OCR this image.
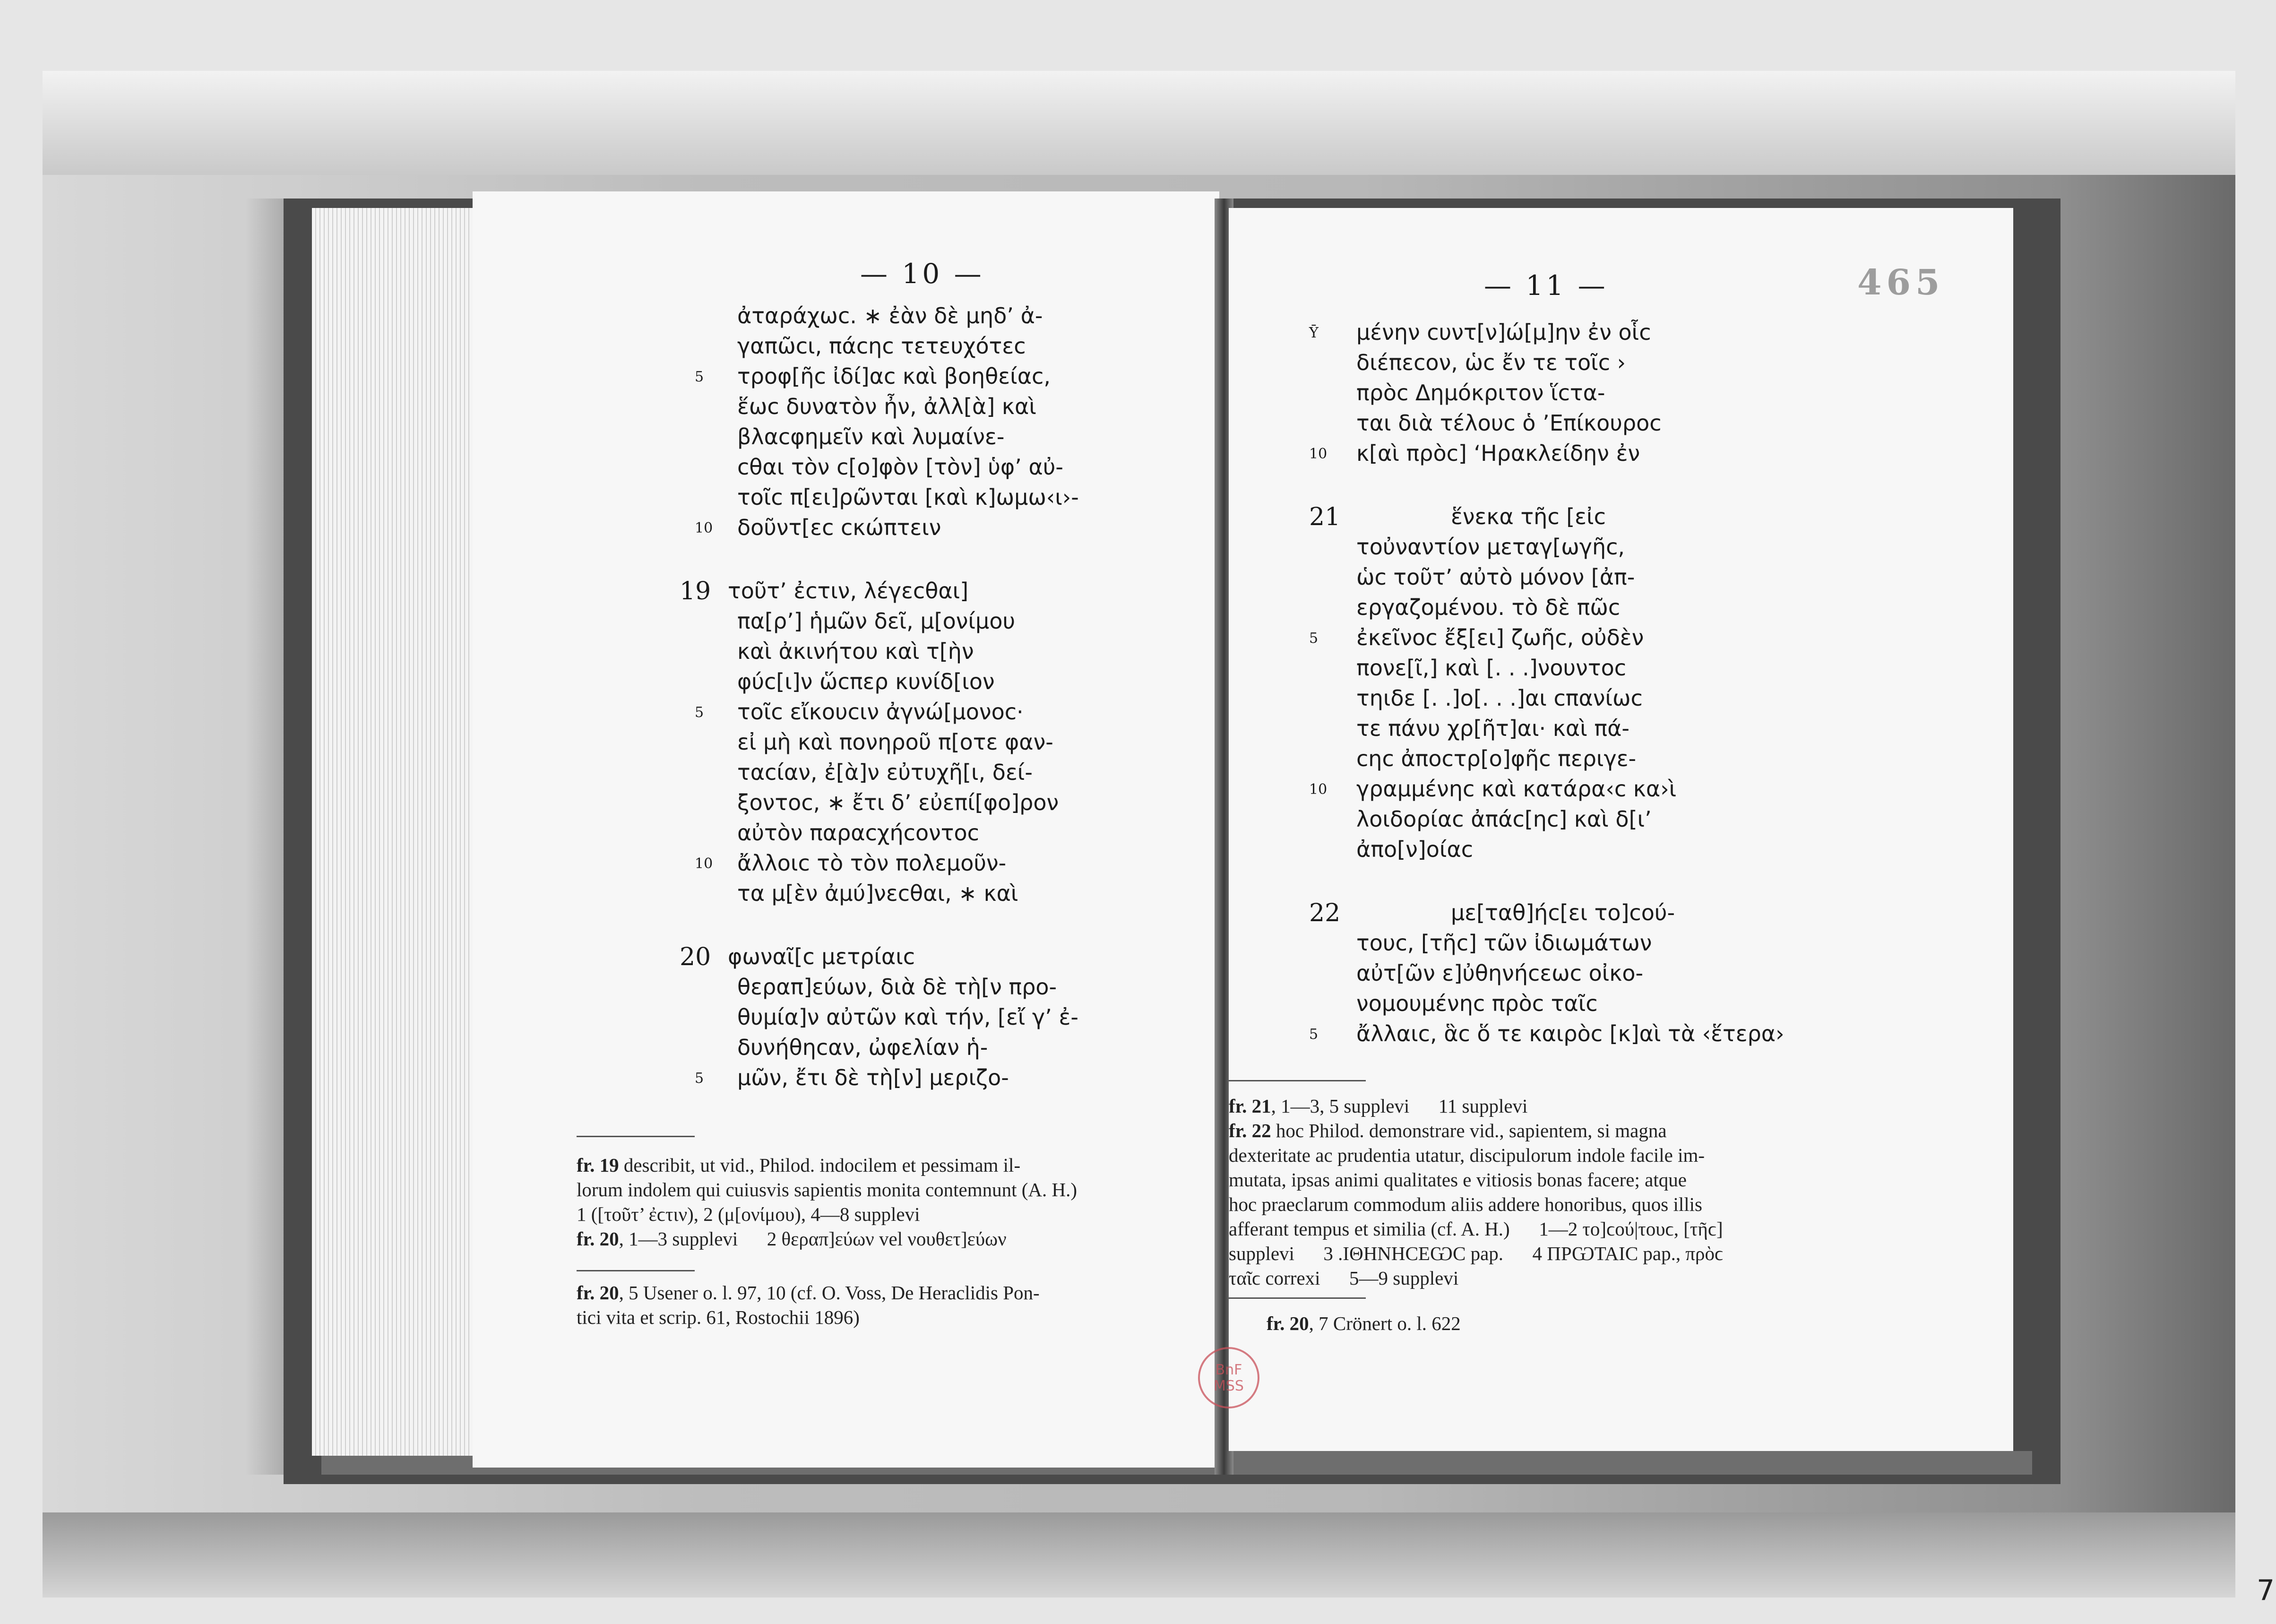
— 10 —
ἀταράχωϲ. ∗ ἐὰν δὲ μηδ’ ἀ-
γαπῶϲι, πάϲηϲ τετευχότεϲ
5 τροφ[ῆϲ ἰδί]αϲ καὶ βοηθείαϲ,
ἕωϲ δυνατὸν ἦν, ἀλλ[ὰ] καὶ
βλαϲφημεῖν καὶ λυμαίνε-
ϲθαι τὸν ϲ[ο]φὸν [τὸν] ὑφ’ αὐ-
τοῖϲ π[ει]ρῶνται [καὶ κ]ωμω‹ι›-
10 δοῦντ[εϲ ϲκώπτειν
19 τοῦτ’ ἐϲτιν, λέγεϲθαι]
πα[ρ’] ἡμῶν δεῖ, μ[ονίμου
καὶ ἀκινήτου καὶ τ[ὴν
φύϲ[ι]ν ὥϲπερ κυνίδ[ιον
5 τοῖϲ εἴκουϲιν ἀγνώ[μονοϲ·
εἰ μὴ καὶ πονηροῦ π[οτε φαν-
ταϲίαν, ἐ[ὰ]ν εὐτυχῆ[ι, δεί-
ξοντοϲ, ∗ ἔτι δ’ εὐεπί[φο]ρον
αὐτὸν παραϲχήϲοντοϲ
10 ἄλλοιϲ τὸ τὸν πολεμοῦν-
τα μ[ὲν ἀμύ]νεϲθαι, ∗ καὶ
20 φωναῖ[ϲ μετρίαιϲ
θεραπ]εύων, διὰ δὲ τὴ[ν προ-
θυμία]ν αὐτῶν καὶ τήν, [εἴ γ’ ἐ-
δυνήθηϲαν, ὠφελίαν ἡ-
5 μῶν, ἔτι δὲ τὴ[ν] μεριζο-
fr. 19 describit, ut vid., Philod. indocilem et pessimam il-
lorum indolem qui cuiusvis sapientis monita contemnunt (A. H.)
1 ([τοῦτ’ ἐϲτιν), 2 (μ[ονίμου), 4—8 supplevi
fr. 20, 1—3 supplevi      2 θεραπ]εύων vel νουθετ]εύων
fr. 20, 5 Usener o. l. 97, 10 (cf. O. Voss, De Heraclidis Pon-
tici vita et scrip. 61, Rostochii 1896)
— 11 —
Ȳ μένην ϲυντ[ν]ώ[μ]ην ἐν οἷϲ
διέπεϲον, ὡϲ ἔν τε τοῖϲ ›
πρὸϲ Δημόκριτον ἵϲτα-
ται διὰ τέλουϲ ὁ ’Επίκουροϲ
10 κ[αὶ πρὸϲ] ‘Ηρακλείδην ἐν
21	ἕνεκα τῆϲ [εἰϲ
τοὐναντίον μεταγ[ωγῆϲ,
ὡϲ τοῦτ’ αὐτὸ μόνον [ἀπ-
εργαζομένου. τὸ δὲ πῶϲ
5 ἐκεῖνοϲ ἔξ[ει] ζωῆϲ, οὐδὲν
πονε[ῖ,] καὶ [. . .]νουντοϲ
τηιδε [. .]ο[. . .]αι ϲπανίωϲ
τε πάνυ χρ[ῆτ]αι· καὶ πά-
ϲηϲ ἀποϲτρ[ο]φῆϲ περιγε-
10 γραμμένηϲ καὶ κατάρα‹ϲ κα›ὶ
λοιδορίαϲ ἀπάϲ[ηϲ] καὶ δ[ι’
ἀπο[ν]οίαϲ
22	με[ταθ]ήϲ[ει το]ϲού-
τουϲ, [τῆϲ] τῶν ἰδιωμάτων
αὐτ[ῶν ε]ὐθηνήϲεωϲ οἰκο-
νομουμένηϲ πρὸϲ ταῖϲ
5 ἄλλαιϲ, ἃϲ ὅ τε καιρὸϲ [κ]αὶ τὰ ‹ἕτερα›
fr. 21, 1—3, 5 supplevi      11 supplevi
fr. 22 hoc Philod. demonstrare vid., sapientem, si magna
dexteritate ac prudentia utatur, discipulorum indole facile im-
mutata, ipsas animi qualitates e vitiosis bonas facere; atque
hoc praeclarum commodum aliis addere honoribus, quos illis
afferant tempus et similia (cf. A. H.)      1—2 το]ϲού|τουϲ, [τῆϲ]
supplevi      3 .ΙΘΗΝΗϹΕѠϹ pap.      4 ΠΡѠΤΑΙϹ pap., πρὸϲ
ταῖϲ correxi      5—9 supplevi
fr. 20, 7 Crönert o. l. 622
465
BnF
MSS
7
